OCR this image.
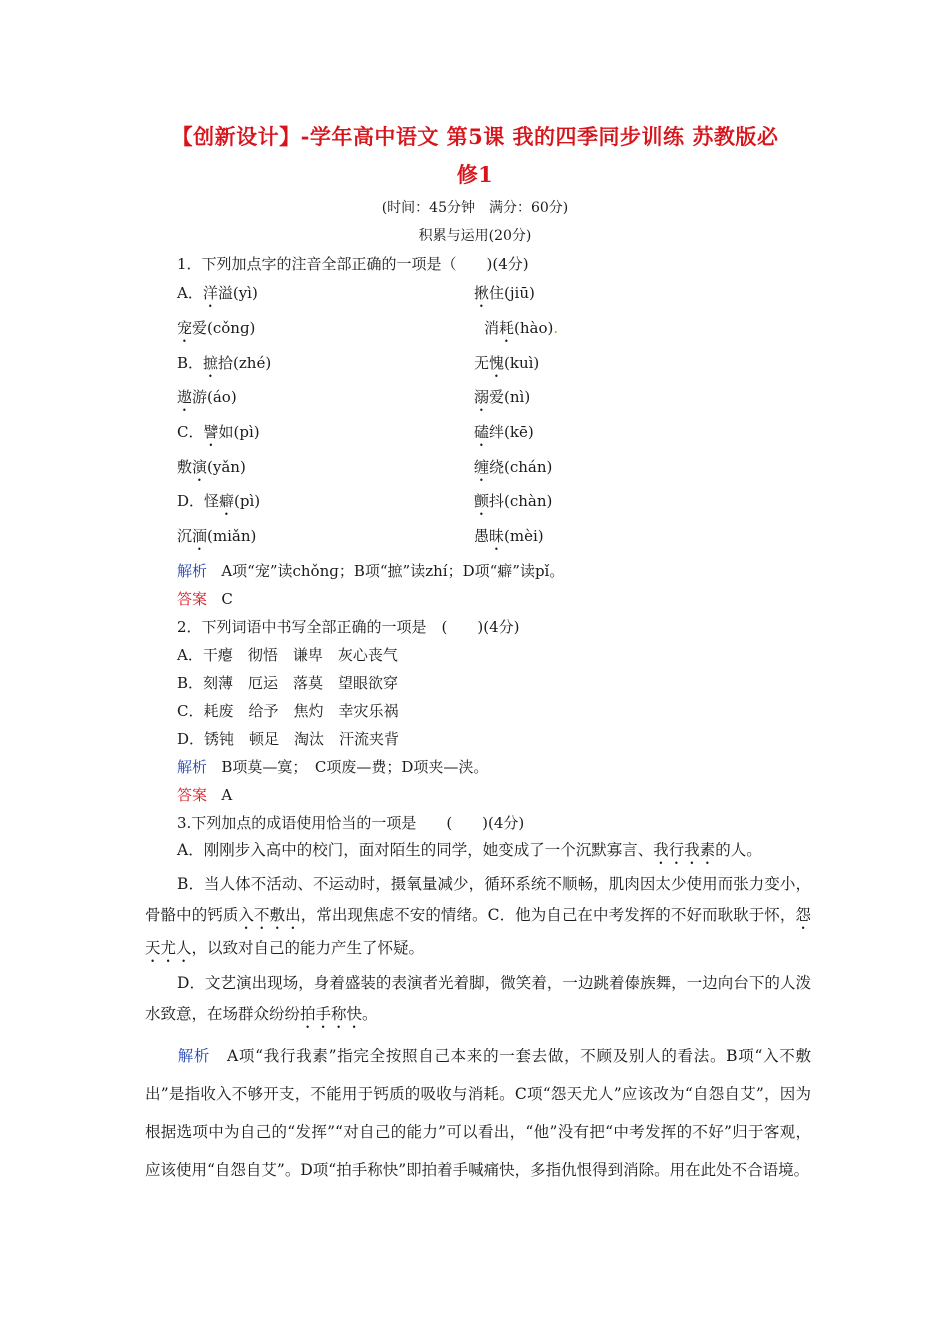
【创新设计】-学年高中语文 第5课 我的四季同步训练 苏教版必
修1
(时间：45分钟　满分：60分)
积累与运用(20分)
1．下列加点字的注音全部正确的一项是（　　)(4分)
A．洋溢(yì)	揪住(jiū)
宠爱(cǒnɡ)	消耗(hào).
B．摭拾(zhé)	无愧(kuì)
遨游(áo)	溺爱(nì)
C．譬如(pì)	磕绊(kē)
敷演(yǎn)	缠绕(chán)
D．怪癖(pì)	颤抖(chàn)
沉湎(miǎn)	愚昧(mèi)
解析 A项“宠”读chǒnɡ；B项“摭”读zhí；D项“癖”读pǐ。
答案 C
2．下列词语中书写全部正确的一项是　(　　)(4分)
A．干瘪　彻悟　谦卑　灰心丧气
B．刻薄　厄运　落莫　望眼欲穿
C．耗废　给予　焦灼　幸灾乐祸
D．锈钝　顿足　淘汰　汗流夹背
解析 B项莫—寞；　C项废—费；D项夹—浃。
答案 A
3.下列加点的成语使用恰当的一项是　　(　　)(4分)
A．刚刚步入高中的校门，面对陌生的同学，她变成了一个沉默寡言、我行我素的人。
B．当人体不活动、不运动时，摄氧量减少，循环系统不顺畅，肌肉因太少使用而张力变小，骨骼中的钙质入不敷出，常出现焦虑不安的情绪。C．他为自己在中考发挥的不好而耿耿于怀，怨天尤人，以致对自己的能力产生了怀疑。
D．文艺演出现场，身着盛装的表演者光着脚，微笑着，一边跳着傣族舞，一边向台下的人泼水致意，在场群众纷纷拍手称快。
解析 A项“我行我素”指完全按照自己本来的一套去做，不顾及别人的看法。B项“入不敷出”是指收入不够开支，不能用于钙质的吸收与消耗。C项“怨天尤人”应该改为“自怨自艾”，因为根据选项中为自己的“发挥”“对自己的能力”可以看出，“他”没有把“中考发挥的不好”归于客观，应该使用“自怨自艾”。D项“拍手称快”即拍着手喊痛快，多指仇恨得到消除。用在此处不合语境。
